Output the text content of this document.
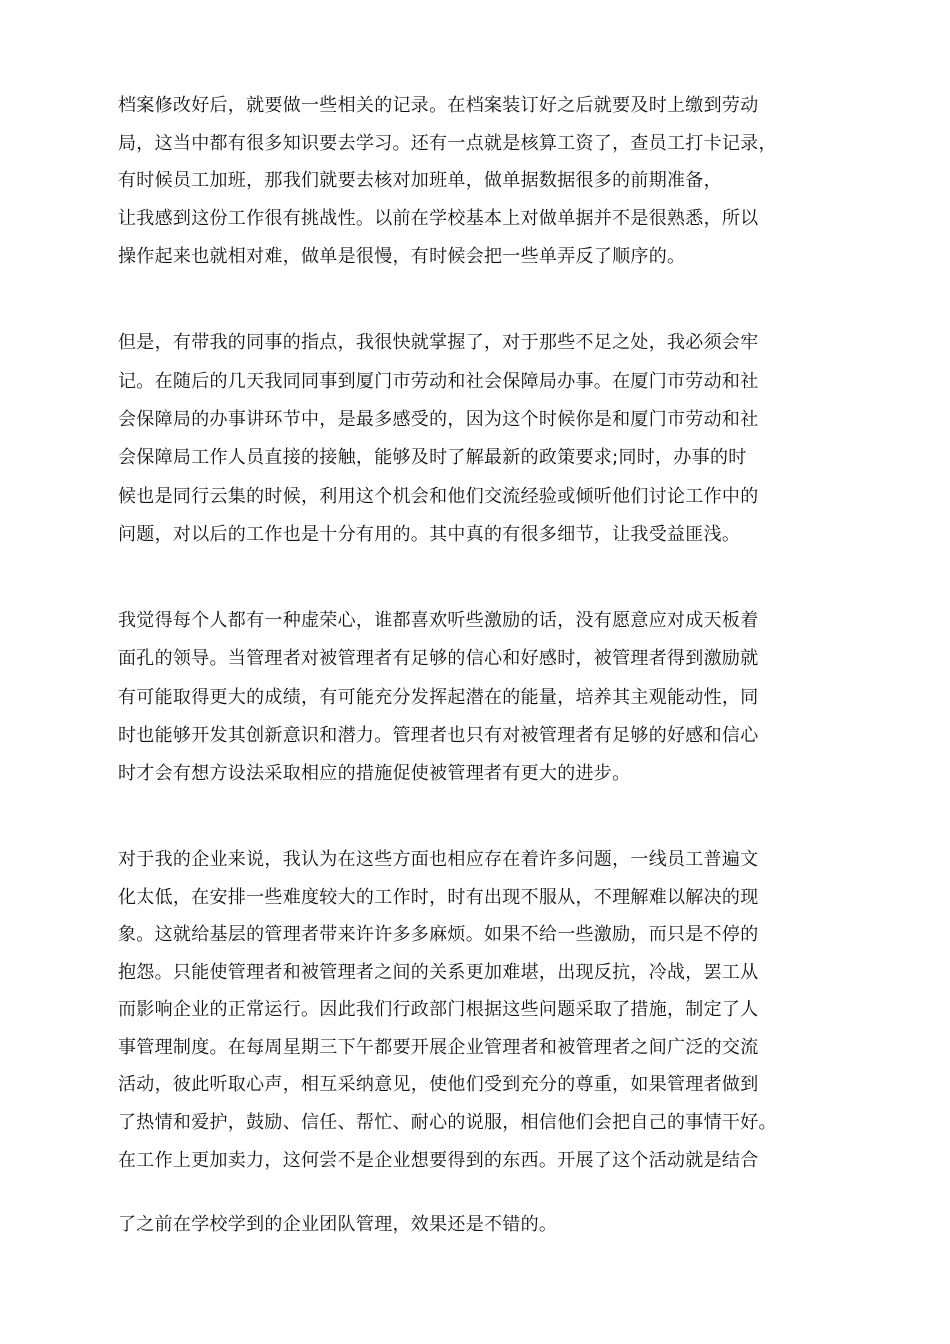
档案修改好后，就要做一些相关的记录。在档案装订好之后就要及时上缴到劳动
局，这当中都有很多知识要去学习。还有一点就是核算工资了，查员工打卡记录，
有时候员工加班，那我们就要去核对加班单，做单据数据很多的前期准备，
让我感到这份工作很有挑战性。以前在学校基本上对做单据并不是很熟悉，所以
操作起来也就相对难，做单是很慢，有时候会把一些单弄反了顺序的。
但是，有带我的同事的指点，我很快就掌握了，对于那些不足之处，我必须会牢
记。在随后的几天我同同事到厦门市劳动和社会保障局办事。在厦门市劳动和社
会保障局的办事讲环节中，是最多感受的，因为这个时候你是和厦门市劳动和社
会保障局工作人员直接的接触，能够及时了解最新的政策要求;同时，办事的时
候也是同行云集的时候，利用这个机会和他们交流经验或倾听他们讨论工作中的
问题，对以后的工作也是十分有用的。其中真的有很多细节，让我受益匪浅。
我觉得每个人都有一种虚荣心，谁都喜欢听些激励的话，没有愿意应对成天板着
面孔的领导。当管理者对被管理者有足够的信心和好感时，被管理者得到激励就
有可能取得更大的成绩，有可能充分发挥起潜在的能量，培养其主观能动性，同
时也能够开发其创新意识和潜力。管理者也只有对被管理者有足够的好感和信心
时才会有想方设法采取相应的措施促使被管理者有更大的进步。
对于我的企业来说，我认为在这些方面也相应存在着许多问题，一线员工普遍文
化太低，在安排一些难度较大的工作时，时有出现不服从，不理解难以解决的现
象。这就给基层的管理者带来许许多多麻烦。如果不给一些激励，而只是不停的
抱怨。只能使管理者和被管理者之间的关系更加难堪，出现反抗，冷战，罢工从
而影响企业的正常运行。因此我们行政部门根据这些问题采取了措施，制定了人
事管理制度。在每周星期三下午都要开展企业管理者和被管理者之间广泛的交流
活动，彼此听取心声，相互采纳意见，使他们受到充分的尊重，如果管理者做到
了热情和爱护，鼓励、信任、帮忙、耐心的说服，相信他们会把自己的事情干好。
在工作上更加卖力，这何尝不是企业想要得到的东西。开展了这个活动就是结合
了之前在学校学到的企业团队管理，效果还是不错的。
